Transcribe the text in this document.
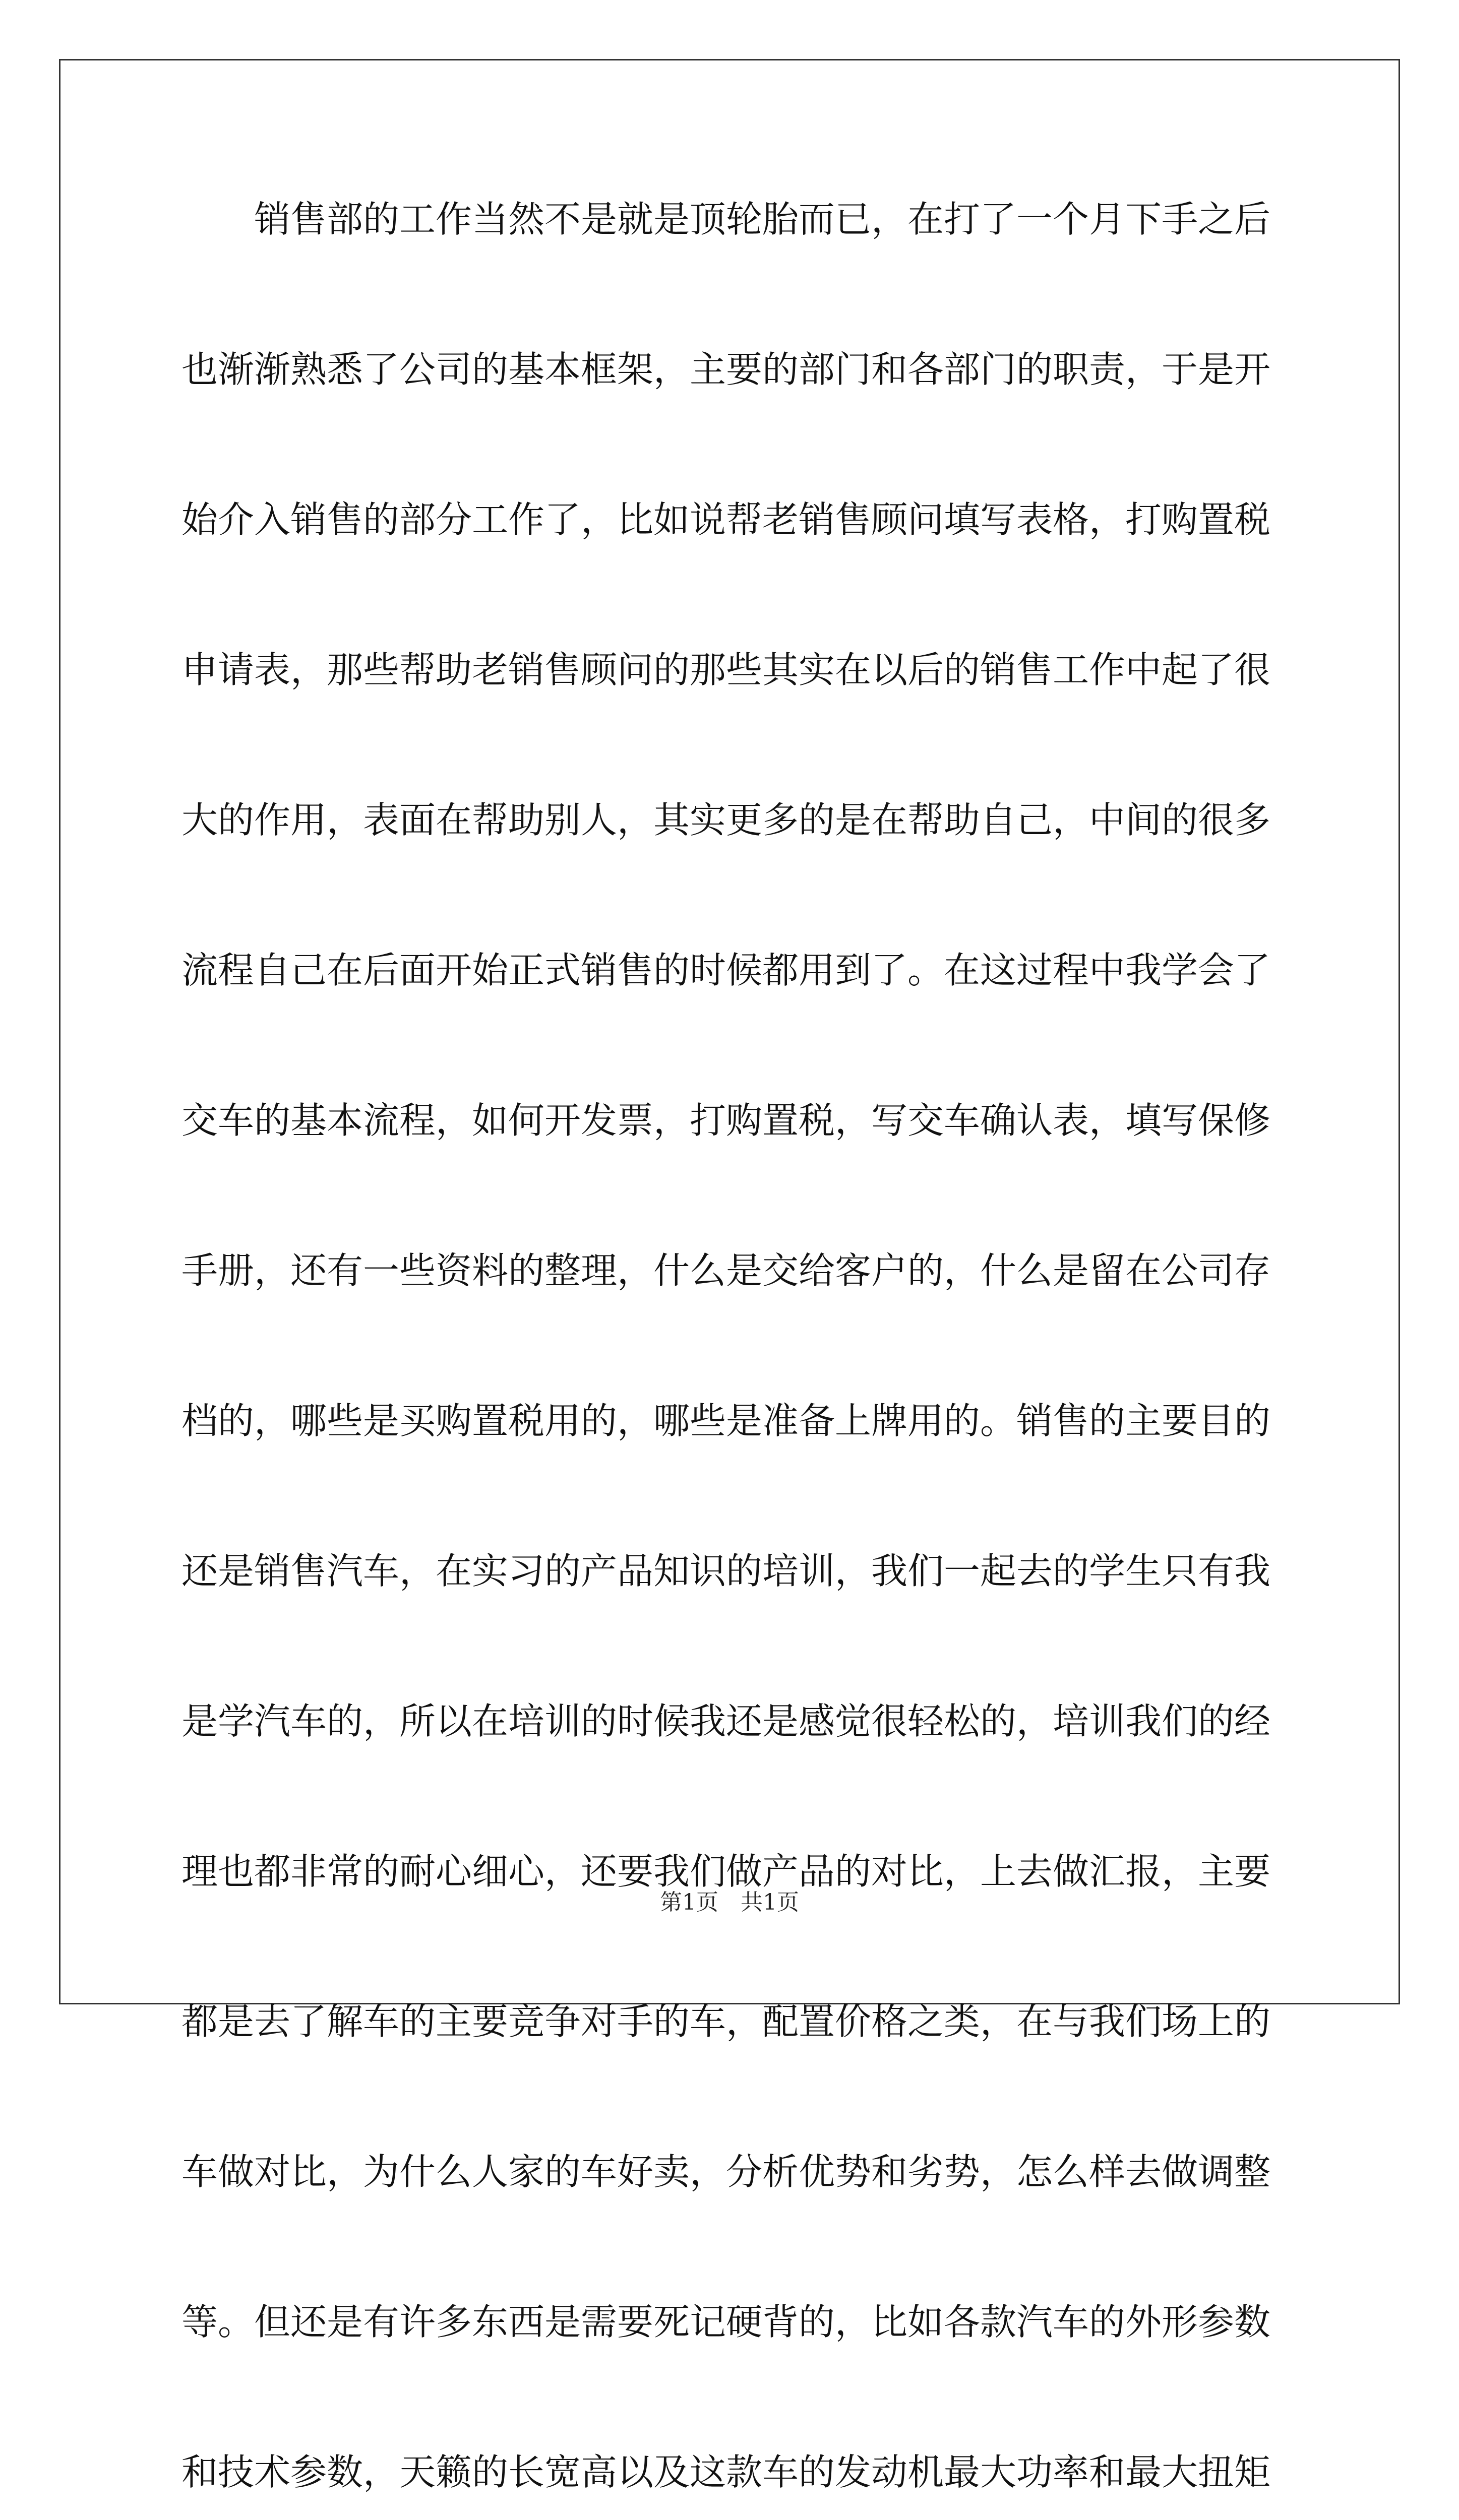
销售部的工作当然不是就是顶轮胎而已，在打了一个月下手之后
也渐渐熟悉了公司的基本框架，主要的部门和各部门的职责，于是开
始介入销售的部分工作了，比如说帮老销售顾问填写表格，打购置税
申请表，那些帮助老销售顾问的那些其实在以后的销售工作中起了很
大的作用，表面在帮助别人，其实更多的是在帮助自己，中间的很多
流程自己在后面开始正式销售的时候都用到了。在这过程中我学会了
交车的基本流程，如何开发票，打购置税，写交车确认表，填写保修
手册，还有一些资料的整理，什么是交给客户的，什么是留在公司存
档的，哪些是买购置税用的，哪些是准备上牌用的。销售的主要目的
还是销售汽车，在实习的产品知识的培训，我们一起去的学生只有我
是学汽车的，所以在培训的时候我还是感觉很轻松的，培训我们的经
理也都非常的耐心细心，还要我们做产品的对比，上去做汇报，主要
都是去了解车的主要竞争对手的车，配置价格之类，在与我们场上的
车做对比，为什么人家的车好卖，分析优势和劣势，怎么样去做调整
等。但还是有许多东西是需要死记硬背的，比如各款汽车的外形参数
和技术参数，天籁的长宽高以及这款车的发动机最大功率和最大扭矩
第1页　共1页
